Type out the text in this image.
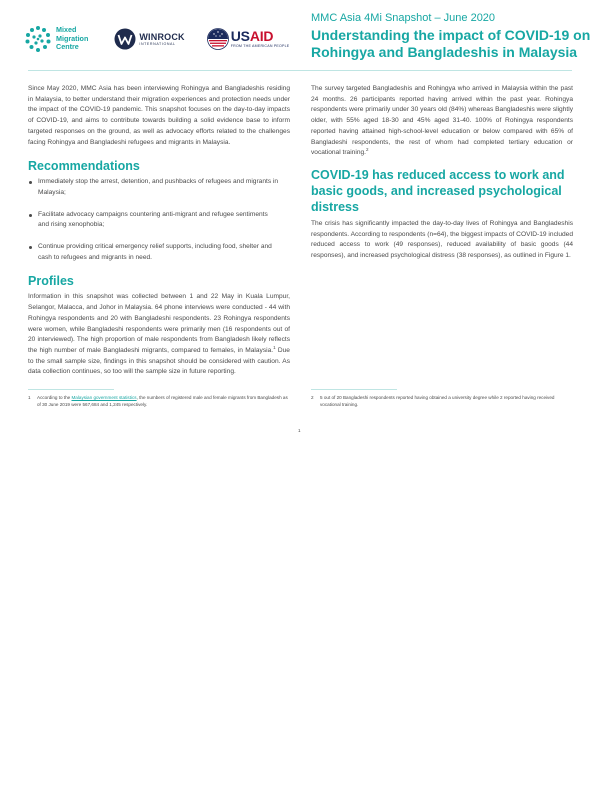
Mixed
Migration
Centre
WINROCK
INTERNATIONAL	USAID
FROM THE AMERICAN PEOPLE
MMC Asia 4Mi Snapshot – June 2020
Understanding the impact of COVID-19 on Rohingya and Bangladeshis in Malaysia

Since May 2020, MMC Asia has been interviewing Rohingya and Bangladeshis residing in Malaysia, to better understand their migration experiences and protection needs under the impact of the COVID-19 pandemic. This snapshot focuses on the day-to-day impacts of COVID-19, and aims to contribute towards building a solid evidence base to inform targeted responses on the ground, as well as advocacy efforts related to the challenges facing Rohingya and Bangladeshi refugees and migrants in Malaysia.

Recommendations
Immediately stop the arrest, detention, and pushbacks of refugees and migrants in Malaysia;
Facilitate advocacy campaigns countering anti-migrant and refugee sentiments and rising xenophobia;
Continue providing critical emergency relief supports, including food, shelter and cash to refugees and migrants in need.
Profiles

Information in this snapshot was collected between 1 and 22 May in Kuala Lumpur, Selangor, Malacca, and Johor in Malaysia. 64 phone interviews were conducted - 44 with Rohingya respondents and 20 with Bangladeshi respondents. 23 Rohingya respondents were women, while Bangladeshi respondents were primarily men (16 respondents out of 20 interviewed). The high proportion of male respondents from Bangladesh likely reflects the high number of male Bangladeshi migrants, compared to females, in Malaysia.$^1$ Due to the small sample size, findings in this snapshot should be considered with caution. As data collection continues, so too will the sample size in future reporting.

The survey targeted Bangladeshis and Rohingya who arrived in Malaysia within the past 24 months. 26 participants reported having arrived within the past year. Rohingya respondents were primarily under 30 years old (84%) whereas Bangladeshis were slightly older, with 55% aged 18-30 and 45% aged 31-40. 100% of Rohingya respondents reported having attained high-school-level education or below compared with 65% of Bangladeshi respondents, the rest of whom had completed tertiary education or vocational training.$^2$

COVID-19 has reduced access to work and basic goods, and increased psychological distress

The crisis has significantly impacted the day-to-day lives of Rohingya and Bangladeshis respondents. According to respondents (n=64), the biggest impacts of COVID-19 included reduced access to work (49 responses), reduced availability of basic goods (44 responses), and increased psychological distress (38 responses), as outlined in Figure 1.

1	According to the Malaysian government statistics, the numbers of registered male and female migrants from Bangladesh as of 30 June 2019 were 567,684 and 1,245 respectively.
2	5 out of 20 Bangladeshi respondents reported having obtained a university degree while 2 reported having received vocational training.
1
